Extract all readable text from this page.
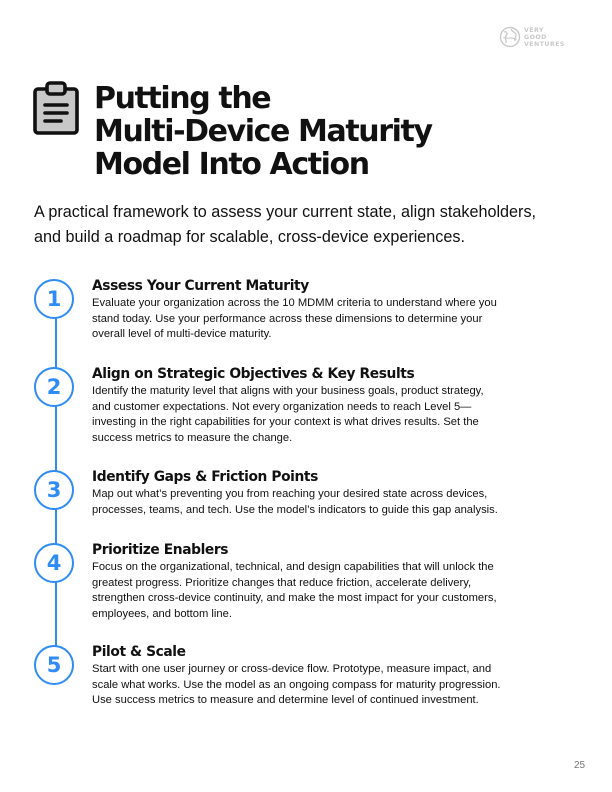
VERY
GOOD
VENTURES
Putting the
Multi-Device Maturity
Model Into Action

A practical framework to assess your current state, align stakeholders,
and build a roadmap for scalable, cross-device experiences.

1
Assess Your Current Maturity

Evaluate your organization across the 10 MDMM criteria to understand where you
stand today. Use your performance across these dimensions to determine your
overall level of multi-device maturity.

2
Align on Strategic Objectives & Key Results

Identify the maturity level that aligns with your business goals, product strategy,
and customer expectations. Not every organization needs to reach Level 5—
investing in the right capabilities for your context is what drives results. Set the
success metrics to measure the change.

3
Identify Gaps & Friction Points

Map out what’s preventing you from reaching your desired state across devices,
processes, teams, and tech. Use the model’s indicators to guide this gap analysis.

4
Prioritize Enablers

Focus on the organizational, technical, and design capabilities that will unlock the
greatest progress. Prioritize changes that reduce friction, accelerate delivery,
strengthen cross-device continuity, and make the most impact for your customers,
employees, and bottom line.

5
Pilot & Scale

Start with one user journey or cross-device flow. Prototype, measure impact, and
scale what works. Use the model as an ongoing compass for maturity progression.
Use success metrics to measure and determine level of continued investment.

25
